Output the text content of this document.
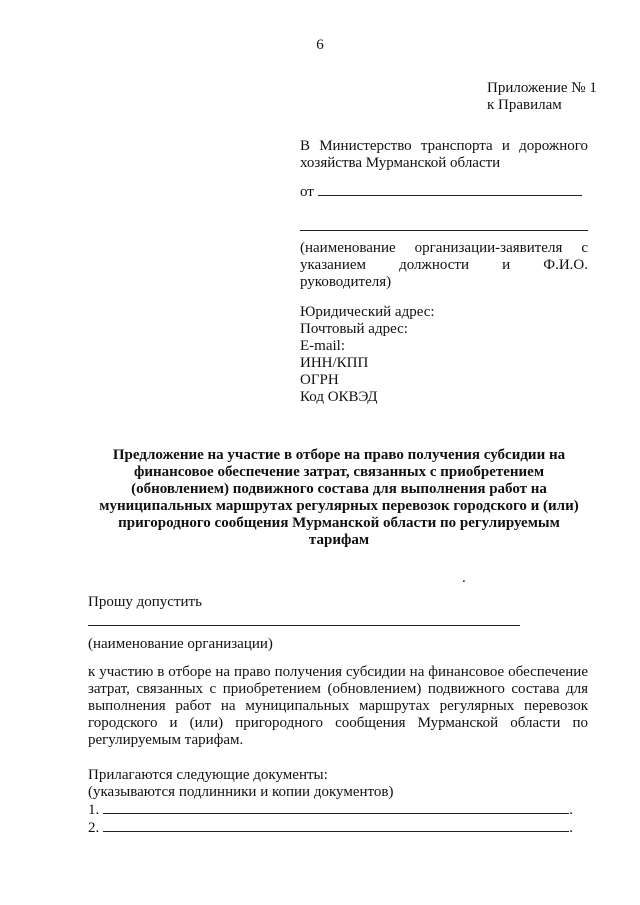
6
Приложение № 1
к Правилам
В Министерство транспорта и дорожного хозяйства Мурманской области
от
(наименование организации-заявителя с указанием должности и Ф.И.О.
руководителя)
Юридический адрес:
Почтовый адрес:
E-mail:
ИНН/КПП
ОГРН
Код ОКВЭД
Предложение на участие в отборе на право получения субсидии на финансовое обеспечение затрат, связанных с приобретением (обновлением) подвижного состава для выполнения работ на муниципальных маршрутах регулярных перевозок городского и (или) пригородного сообщения Мурманской области по регулируемым тарифам
.
Прошу допустить
(наименование организации)
к участию в отборе на право получения субсидии на финансовое обеспечение затрат, связанных с приобретением (обновлением) подвижного состава для выполнения работ на муниципальных маршрутах регулярных перевозок городского и (или) пригородного сообщения Мурманской области по регулируемым тарифам.
Прилагаются следующие документы:
(указываются подлинники и копии документов)
1.	.
2.	.
